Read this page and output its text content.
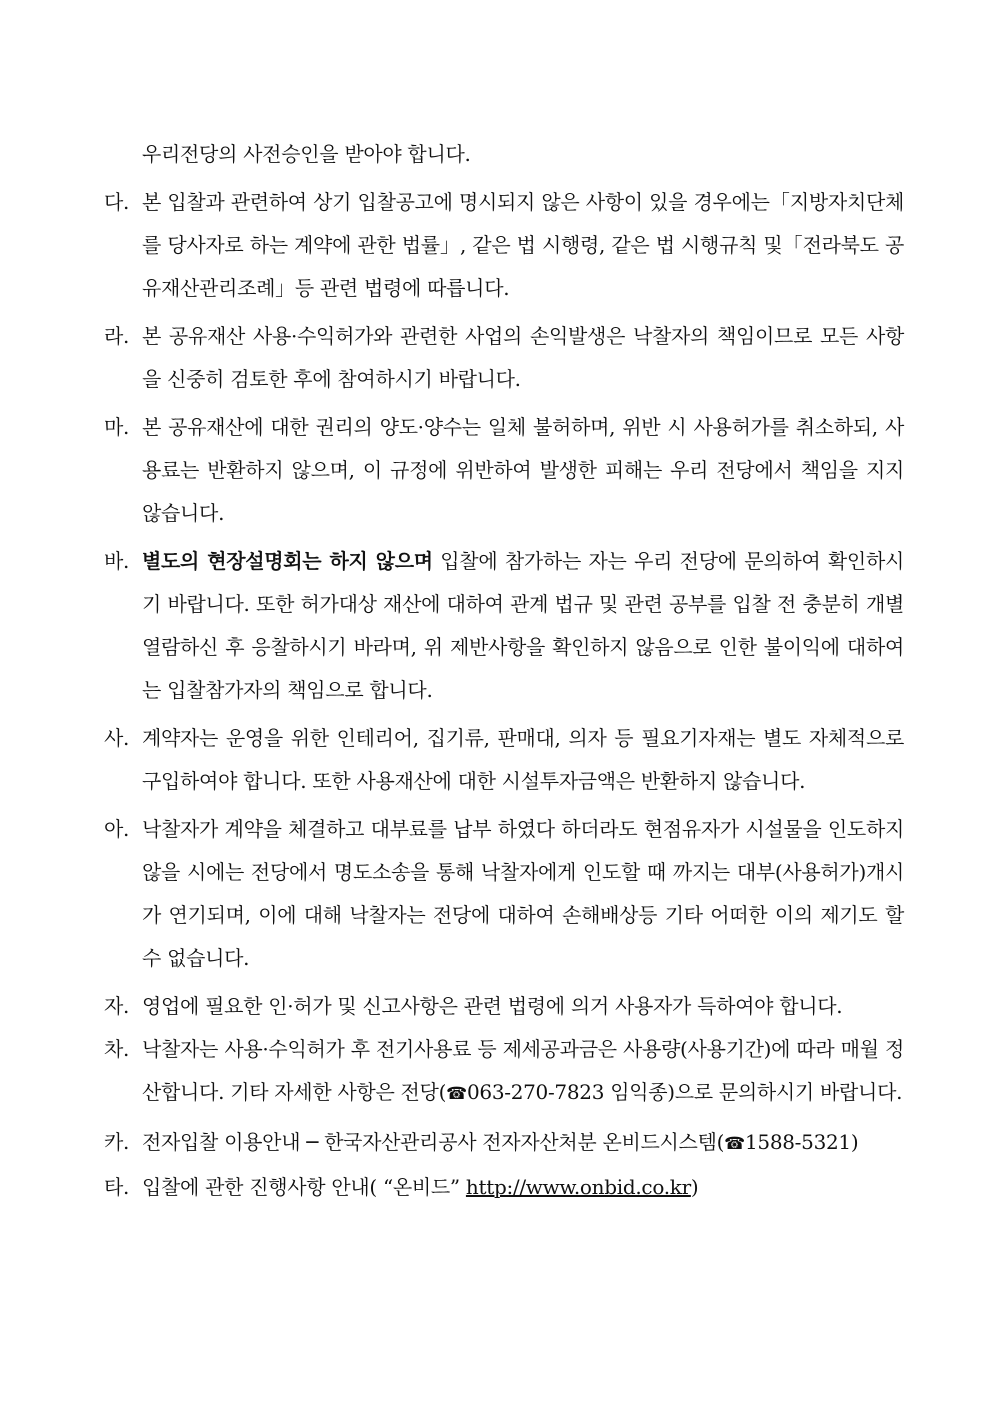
우리전당의 사전승인을 받아야 합니다.
다. 본 입찰과 관련하여 상기 입찰공고에 명시되지 않은 사항이 있을 경우에는「지방자치단체를 당사자로 하는 계약에 관한 법률」, 같은 법 시행령, 같은 법 시행규칙 및「전라북도 공유재산관리조례」등 관련 법령에 따릅니다.
라. 본 공유재산 사용·수익허가와 관련한 사업의 손익발생은 낙찰자의 책임이므로 모든 사항을 신중히 검토한 후에 참여하시기 바랍니다.
마. 본 공유재산에 대한 권리의 양도·양수는 일체 불허하며, 위반 시 사용허가를 취소하되, 사용료는 반환하지 않으며, 이 규정에 위반하여 발생한 피해는 우리 전당에서 책임을 지지 않습니다.
바. 별도의 현장설명회는 하지 않으며 입찰에 참가하는 자는 우리 전당에 문의하여 확인하시기 바랍니다. 또한 허가대상 재산에 대하여 관계 법규 및 관련 공부를 입찰 전 충분히 개별 열람하신 후 응찰하시기 바라며, 위 제반사항을 확인하지 않음으로 인한 불이익에 대하여는 입찰참가자의 책임으로 합니다.
사. 계약자는 운영을 위한 인테리어, 집기류, 판매대, 의자 등 필요기자재는 별도 자체적으로 구입하여야 합니다. 또한 사용재산에 대한 시설투자금액은 반환하지 않습니다.
아. 낙찰자가 계약을 체결하고 대부료를 납부 하였다 하더라도 현점유자가 시설물을 인도하지 않을 시에는 전당에서 명도소송을 통해 낙찰자에게 인도할 때 까지는 대부(사용허가)개시가 연기되며, 이에 대해 낙찰자는 전당에 대하여 손해배상등 기타 어떠한 이의 제기도 할 수 없습니다.
자. 영업에 필요한 인·허가 및 신고사항은 관련 법령에 의거 사용자가 득하여야 합니다.
차. 낙찰자는 사용·수익허가 후 전기사용료 등 제세공과금은 사용량(사용기간)에 따라 매월 정산합니다. 기타 자세한 사항은 전당(☎063-270-7823 임익종)으로 문의하시기 바랍니다.
카. 전자입찰 이용안내 ─ 한국자산관리공사 전자자산처분 온비드시스템(☎1588-5321)
타. 입찰에 관한 진행사항 안내( “온비드” http://www.onbid.co.kr)
